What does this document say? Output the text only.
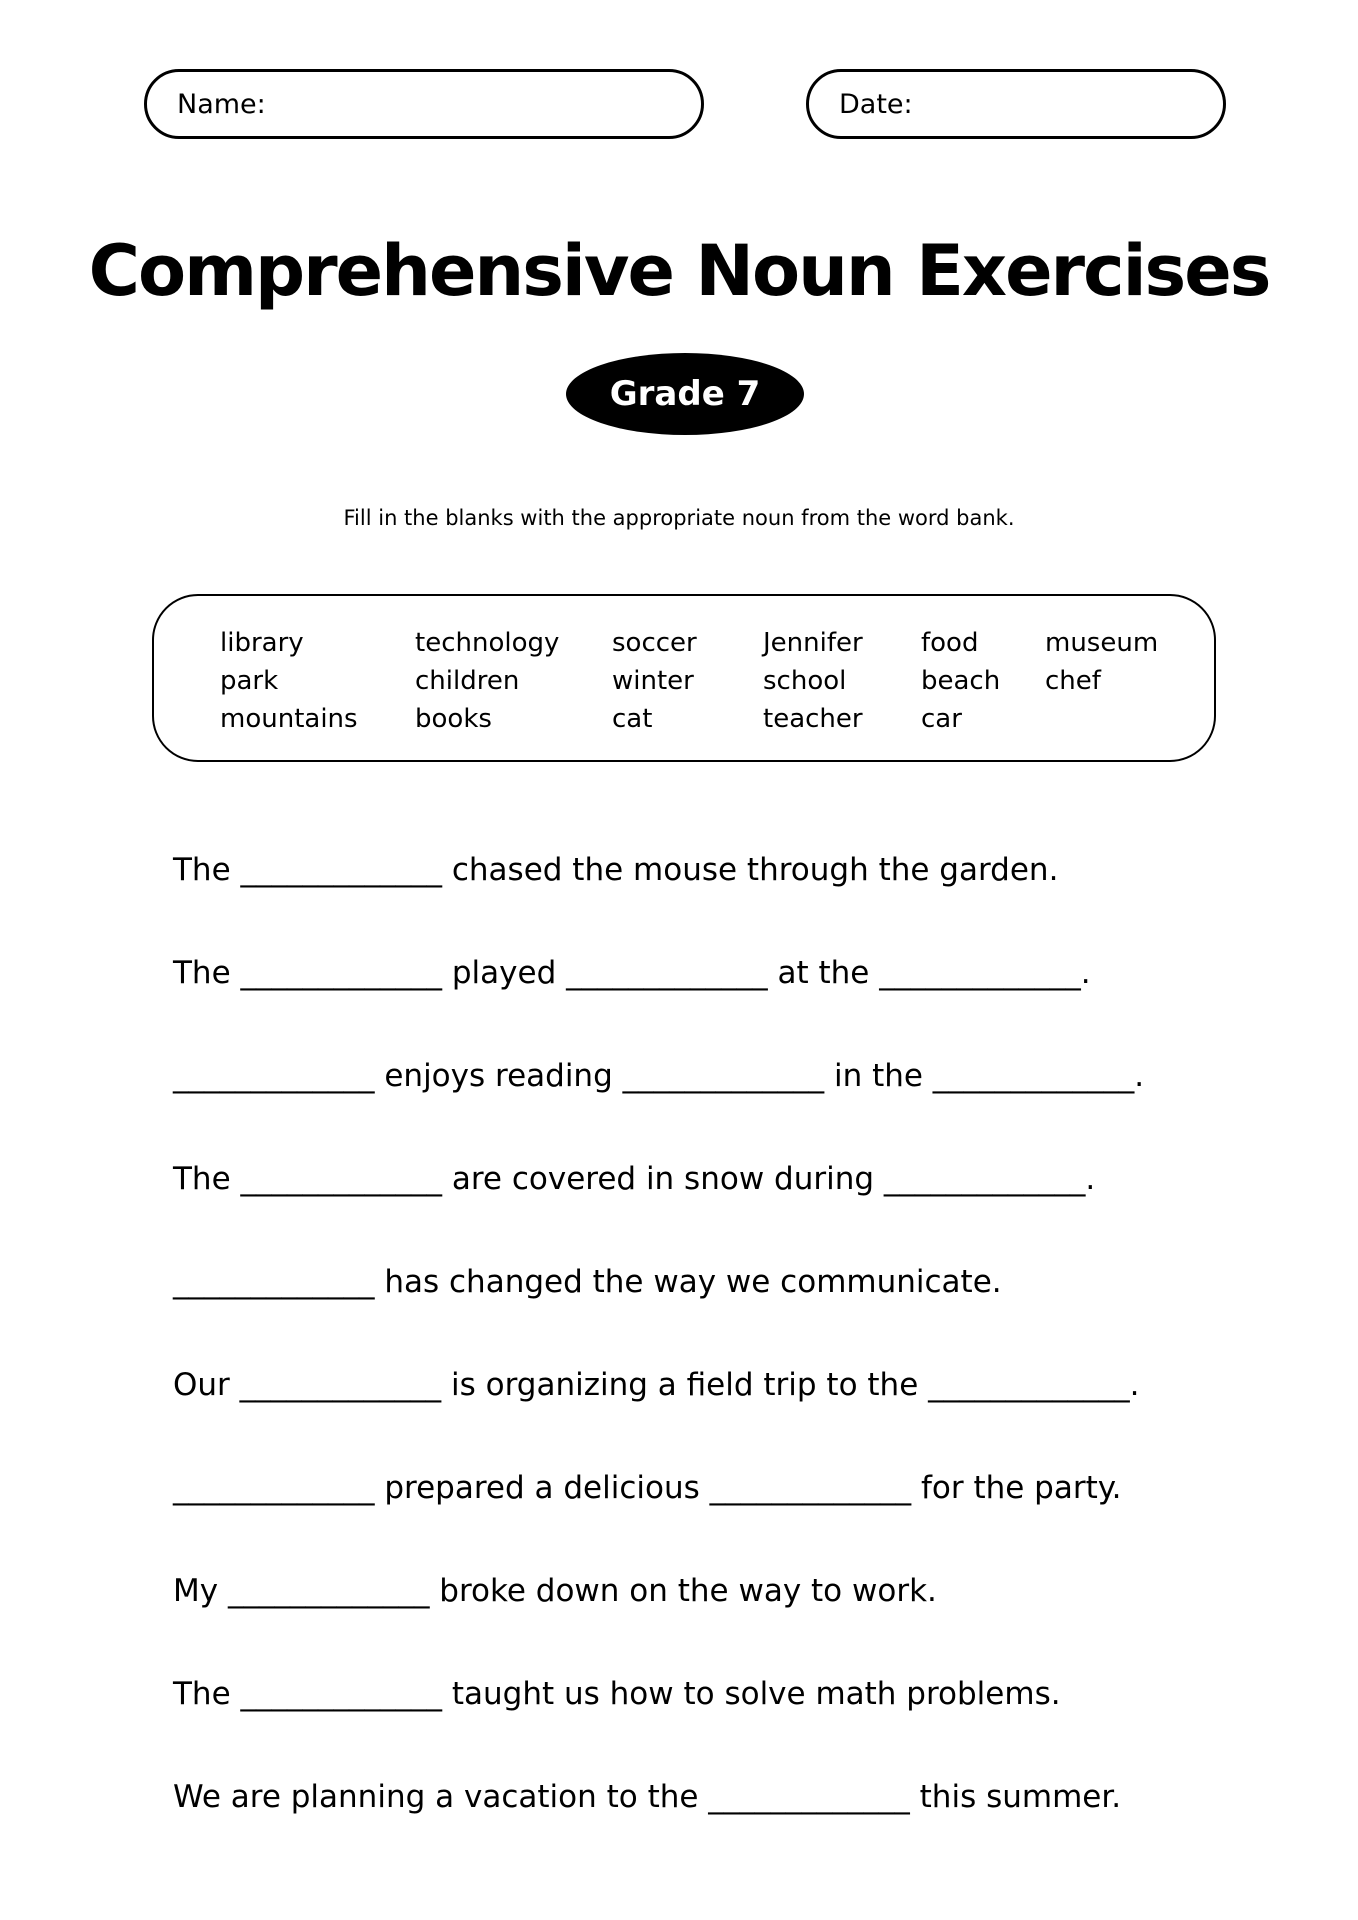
Name:	Date:
Comprehensive Noun Exercises
Grade 7
Fill in the blanks with the appropriate noun from the word bank.
library
park
mountains
technology
children
books
soccer
winter
cat
Jennifer
school
teacher
food
beach
car
museum
chef
The _____________ chased the mouse through the garden.
The _____________ played _____________ at the _____________.
_____________ enjoys reading _____________ in the _____________.
The _____________ are covered in snow during _____________.
_____________ has changed the way we communicate.
Our _____________ is organizing a field trip to the _____________.
_____________ prepared a delicious _____________ for the party.
My _____________ broke down on the way to work.
The _____________ taught us how to solve math problems.
We are planning a vacation to the _____________ this summer.
